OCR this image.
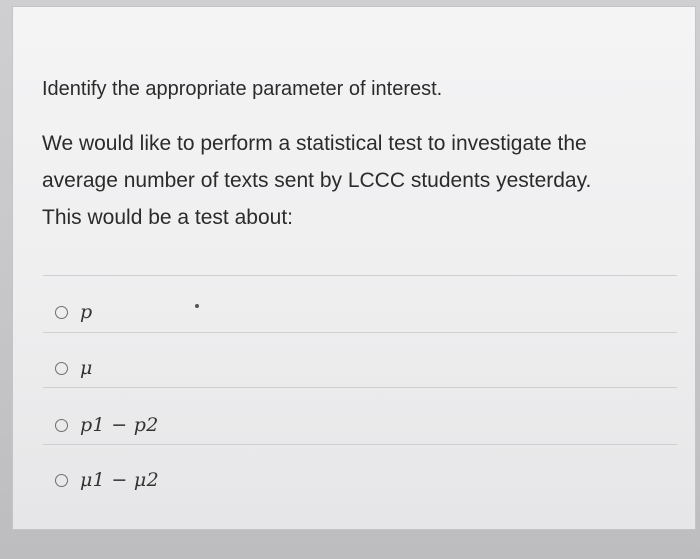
Identify the appropriate parameter of interest.
We would like to perform a statistical test to investigate the
average number of texts sent by LCCC students yesterday.
This would be a test about:
p
μ
p1 − p2
μ1 − μ2
